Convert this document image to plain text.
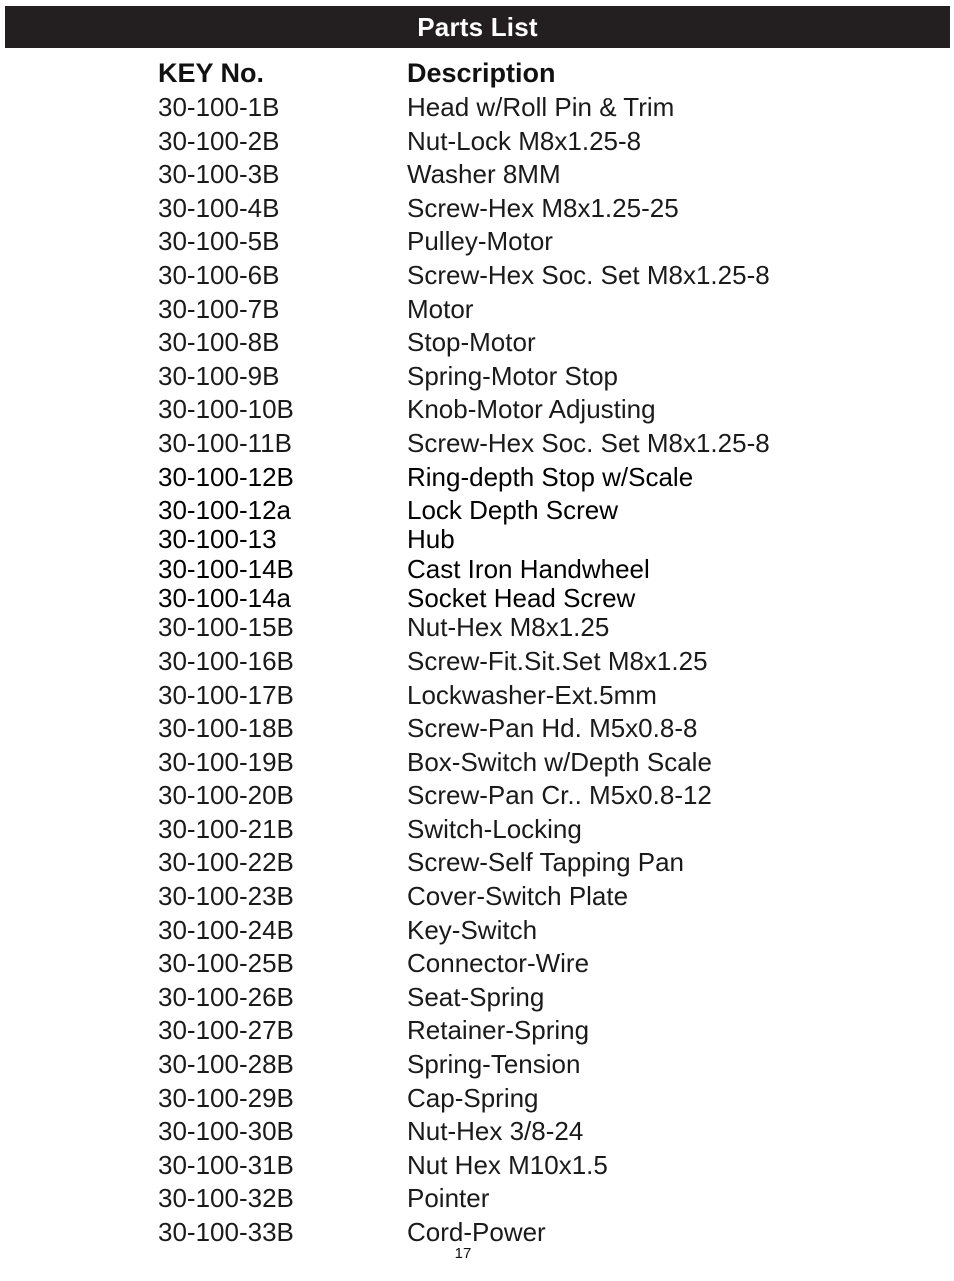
Parts List
KEY No.	Description
30-100-1B	Head w/Roll Pin & Trim
30-100-2B	Nut-Lock M8x1.25-8
30-100-3B	Washer 8MM
30-100-4B	Screw-Hex M8x1.25-25
30-100-5B	Pulley-Motor
30-100-6B	Screw-Hex Soc. Set M8x1.25-8
30-100-7B	Motor
30-100-8B	Stop-Motor
30-100-9B	Spring-Motor Stop
30-100-10B	Knob-Motor Adjusting
30-100-11B	Screw-Hex Soc. Set M8x1.25-8
30-100-12B	Ring-depth Stop w/Scale
30-100-12a	Lock Depth Screw
30-100-13	Hub
30-100-14B	Cast Iron Handwheel
30-100-14a	Socket Head Screw
30-100-15B	Nut-Hex M8x1.25
30-100-16B	Screw-Fit.Sit.Set M8x1.25
30-100-17B	Lockwasher-Ext.5mm
30-100-18B	Screw-Pan Hd. M5x0.8-8
30-100-19B	Box-Switch w/Depth Scale
30-100-20B	Screw-Pan Cr.. M5x0.8-12
30-100-21B	Switch-Locking
30-100-22B	Screw-Self Tapping Pan
30-100-23B	Cover-Switch Plate
30-100-24B	Key-Switch
30-100-25B	Connector-Wire
30-100-26B	Seat-Spring
30-100-27B	Retainer-Spring
30-100-28B	Spring-Tension
30-100-29B	Cap-Spring
30-100-30B	Nut-Hex 3/8-24
30-100-31B	Nut Hex M10x1.5
30-100-32B	Pointer
30-100-33B	Cord-Power
17
